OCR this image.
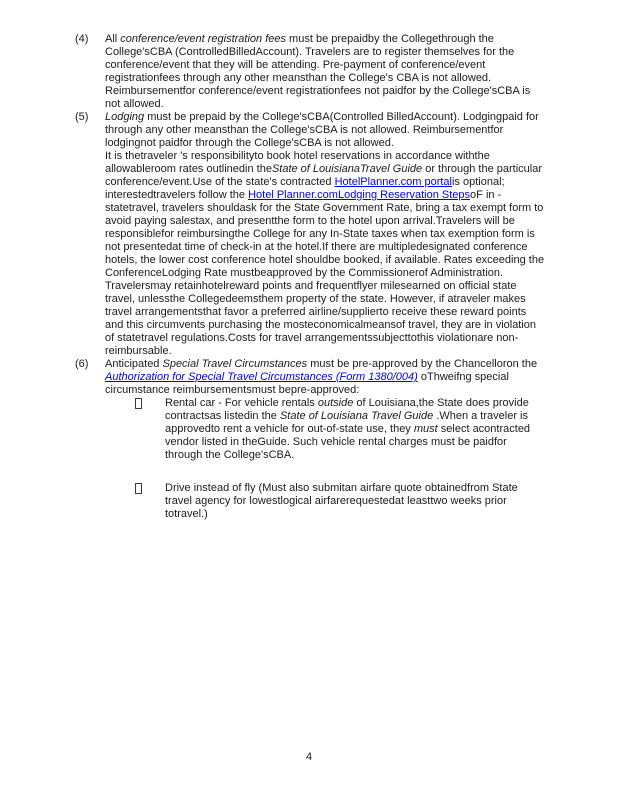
(4)	All conference/event registration fees must be prepaidby the Collegethrough the College'sCBA (ControlledBilledAccount). Travelers are to register themselves for the conference/event that they will be attending. Pre-payment of conference/event registrationfees through any other meansthan the College's CBA is not allowed. Reimbursementfor conference/event registrationfees not paidfor by the College'sCBA is not allowed.

(5)	Lodging must be prepaid by the College'sCBA(Controlled BilledAccount). Lodgingpaid for through any other meansthan the College'sCBA is not allowed. Reimbursementfor lodgingnot paidfor through the College'sCBA is not allowed.

It is thetraveler 's responsibilityto book hotel reservations in accordance withthe allowableroom rates outlinedin theState of LouisianaTravel Guide or through the particular conference/event.Use of the state's contracted HotelPlanner.com portalis optional; interestedtravelers follow the Hotel Planner.comLodging Reservation StepsoF in -statetravel, travelers shouldask for the State Government Rate, bring a tax exempt form to avoid paying salestax, and presentthe form to the hotel upon arrival.Travelers will be responsiblefor reimbursingthe College for any In-State taxes when tax exemption form is not presentedat time of check-in at the hotel.If there are multipledesignated conference hotels, the lower cost conference hotel shouldbe booked, if available. Rates exceeding the ConferenceLodging Rate mustbeapproved by the Commissionerof Administration.

Travelersmay retainhotelreward points and frequentflyer milesearned on official state travel, unlessthe Collegedeemsthem property of the state. However, if atraveler makes travel arrangementsthat favor a preferred airline/supplierto receive these reward points and this circumvents purchasing the mosteconomicalmeansof travel, they are in violation of statetravel regulations.Costs for travel arrangementssubjecttothis violationare non-reimbursable.

(6)	Anticipated Special Travel Circumstances must be pre-approved by the Chancelloron the Authorization for Special Travel Circumstances (Form 1380/004) oThweifng special circumstance reimbursementsmust bepre-approved:

Rental car - For vehicle rentals outside of Louisiana,the State does provide contractsas listedin the State of Louisiana Travel Guide .When a traveler is approvedto rent a vehicle for out-of-state use, they must select acontracted vendor listed in theGuide. Such vehicle rental charges must be paidfor through the College'sCBA.

Drive instead of fly (Must also submitan airfare quote obtainedfrom State travel agency for lowestlogical airfarerequestedat leasttwo weeks prior totravel.)

4
